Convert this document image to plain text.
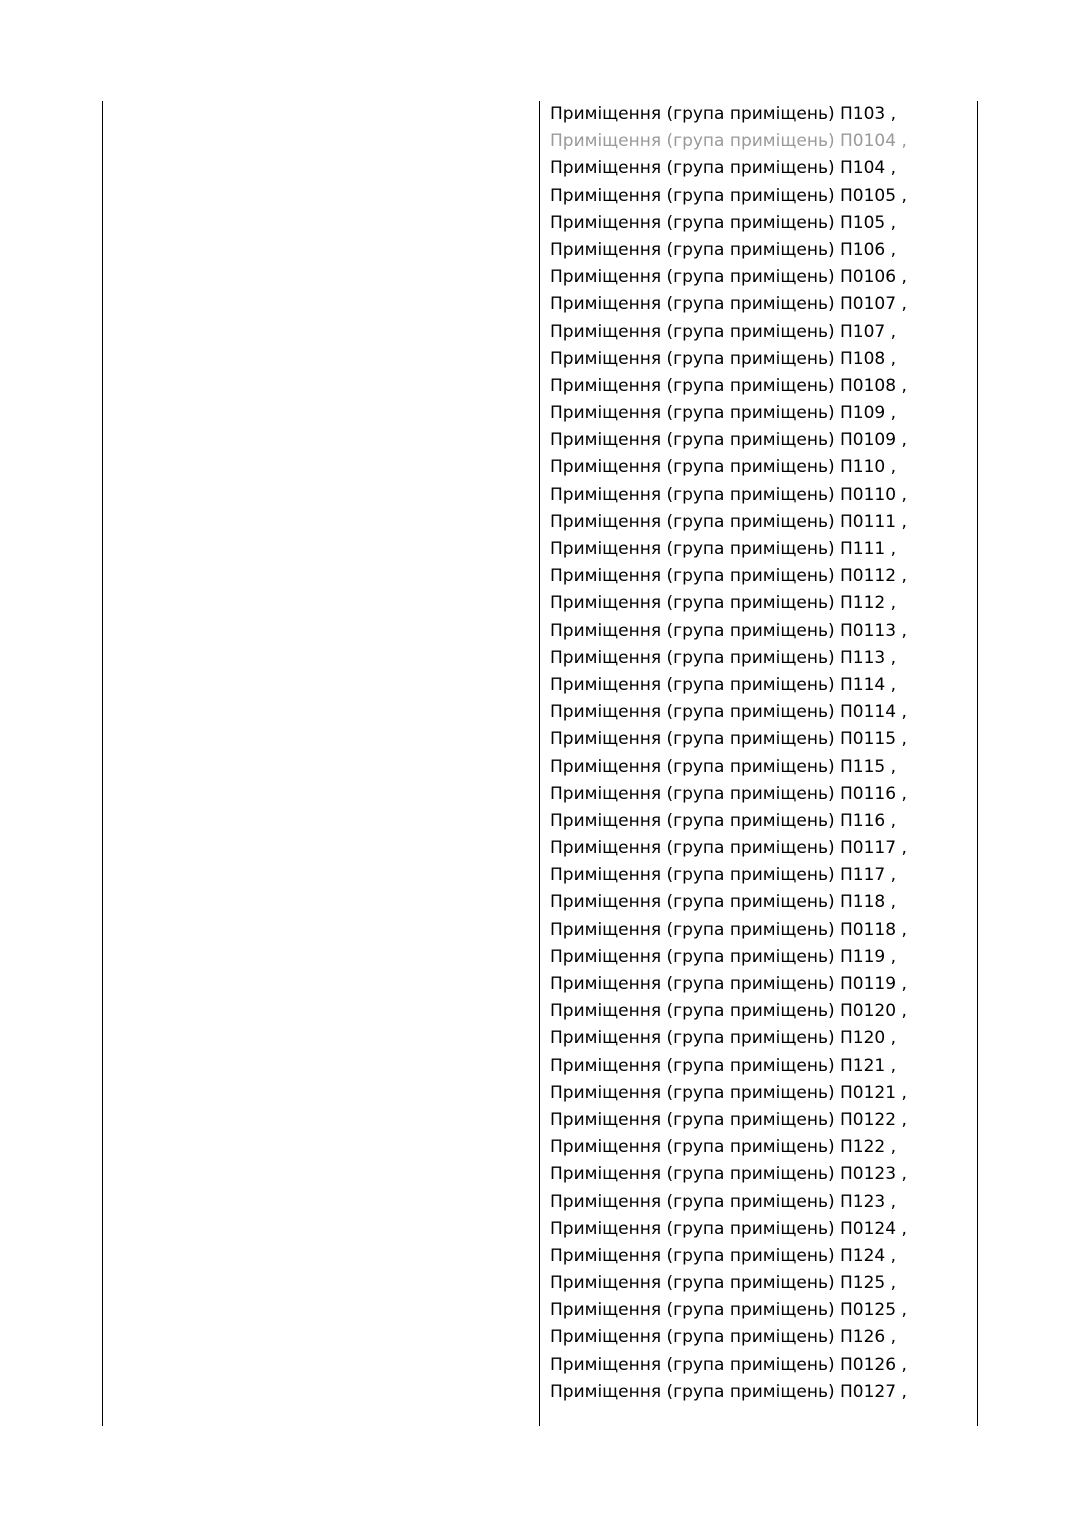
Приміщення (група приміщень) П103 ,
Приміщення (група приміщень) П0104 ,
Приміщення (група приміщень) П104 ,
Приміщення (група приміщень) П0105 ,
Приміщення (група приміщень) П105 ,
Приміщення (група приміщень) П106 ,
Приміщення (група приміщень) П0106 ,
Приміщення (група приміщень) П0107 ,
Приміщення (група приміщень) П107 ,
Приміщення (група приміщень) П108 ,
Приміщення (група приміщень) П0108 ,
Приміщення (група приміщень) П109 ,
Приміщення (група приміщень) П0109 ,
Приміщення (група приміщень) П110 ,
Приміщення (група приміщень) П0110 ,
Приміщення (група приміщень) П0111 ,
Приміщення (група приміщень) П111 ,
Приміщення (група приміщень) П0112 ,
Приміщення (група приміщень) П112 ,
Приміщення (група приміщень) П0113 ,
Приміщення (група приміщень) П113 ,
Приміщення (група приміщень) П114 ,
Приміщення (група приміщень) П0114 ,
Приміщення (група приміщень) П0115 ,
Приміщення (група приміщень) П115 ,
Приміщення (група приміщень) П0116 ,
Приміщення (група приміщень) П116 ,
Приміщення (група приміщень) П0117 ,
Приміщення (група приміщень) П117 ,
Приміщення (група приміщень) П118 ,
Приміщення (група приміщень) П0118 ,
Приміщення (група приміщень) П119 ,
Приміщення (група приміщень) П0119 ,
Приміщення (група приміщень) П0120 ,
Приміщення (група приміщень) П120 ,
Приміщення (група приміщень) П121 ,
Приміщення (група приміщень) П0121 ,
Приміщення (група приміщень) П0122 ,
Приміщення (група приміщень) П122 ,
Приміщення (група приміщень) П0123 ,
Приміщення (група приміщень) П123 ,
Приміщення (група приміщень) П0124 ,
Приміщення (група приміщень) П124 ,
Приміщення (група приміщень) П125 ,
Приміщення (група приміщень) П0125 ,
Приміщення (група приміщень) П126 ,
Приміщення (група приміщень) П0126 ,
Приміщення (група приміщень) П0127 ,
